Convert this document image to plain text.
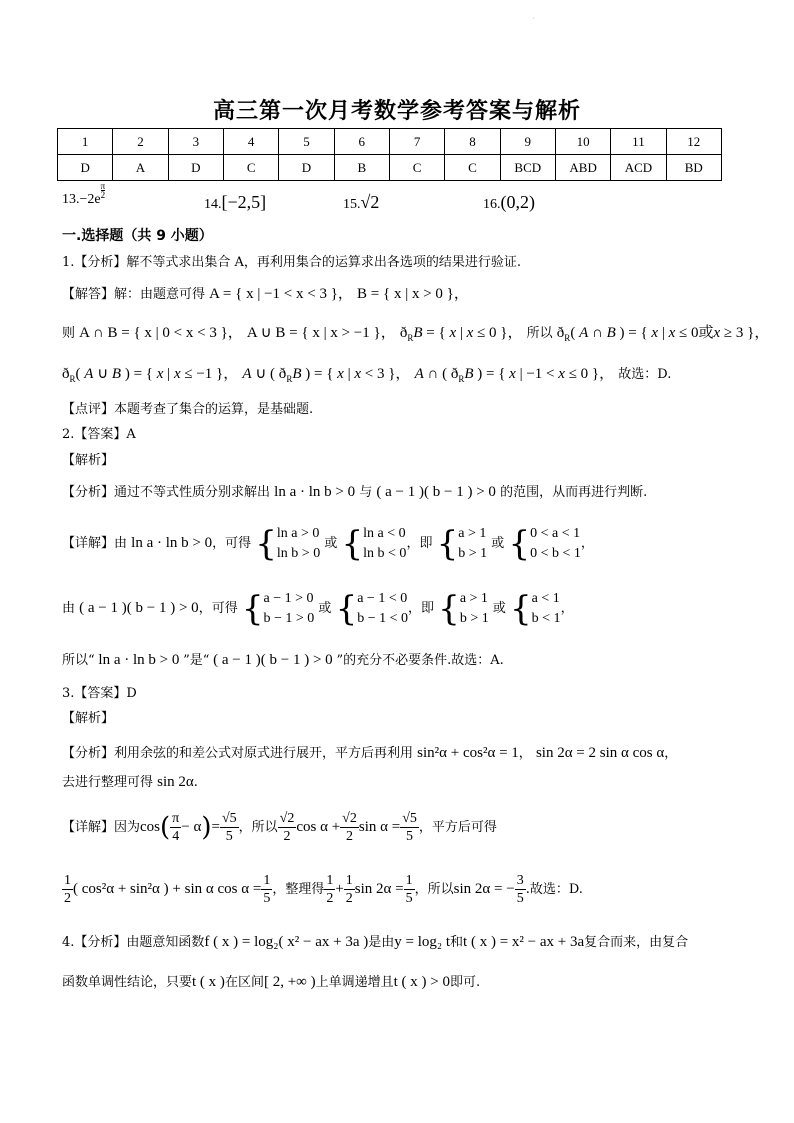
·
高三第一次月考数学参考答案与解析
1	2	3	4	5	6	7	8	9	10	11	12
D	A	D	C	D	B	C	C	BCD	ABD	ACD	BD
13.−2e
$^{\frac{\pi}{2}}$
14.[−2,5]	15.√2	16.(0,2)
一.选择题（共 9 小题）
1.【分析】解不等式求出集合 A，再利用集合的运算求出各选项的结果进行验证.
【解答】解：由题意可得 A = { x | −1 < x < 3 }， B = { x | x > 0 }，
则 A ∩ B = { x | 0 < x < 3 }， A ∪ B = { x | x > −1 }， $ð_RB$ = { x | x ≤ 0 }， 所以 $ð_R$( A ∩ B ) = { x | x ≤ 0或x ≥ 3 }，
$ð_R$( A ∪ B ) = { x | x ≤ −1 }， A ∪ ( $ð_RB$ ) = { x | x < 3 }， A ∩ ( $ð_RB$ ) = { x | −1 < x ≤ 0 }， 故选：D.
【点评】本题考查了集合的运算，是基础题.
2.【答案】A
【解析】
【分析】通过不等式性质分别求解出 ln a · ln b > 0 与 ( a − 1 )( b − 1 ) > 0 的范围，从而再进行判断.
【详解】由 ln a · ln b > 0，可得 {ln a > 0
ln b > 0 或 {ln a < 0
ln b < 0，即 {a > 1
b > 1 或 {0 < a < 1
0 < b < 1，
由 ( a − 1 )( b − 1 ) > 0，可得 {a − 1 > 0
b − 1 > 0 或 {a − 1 < 0
b − 1 < 0，即 {a > 1
b > 1 或 {a < 1
b < 1，
所以“ ln a · ln b > 0 ”是“ ( a − 1 )( b − 1 ) > 0 ”的充分不必要条件.故选：A.
3.【答案】D
【解析】
【分析】利用余弦的和差公式对原式进行展开，平方后再利用 sin²α + cos²α = 1， sin 2α = 2 sin α cos α，
去进行整理可得 sin 2α.
【详解】因为$\cos( \frac{\pi}{4} - \alpha)= \frac{√5}{5}$ ，所以 $\frac{√2}{2}$ $\cos \alpha + \frac{√2}{2}$ $\sin \alpha = \frac{√5}{5}$ ，平方后可得
$\frac{1}{2}$ ( cos²α + sin²α ) + sin α $\cos \alpha = \frac{1}{5}$ ，整理得 $\frac{1}{2} + \frac{1}{2}$ $\sin 2\alpha = \frac{1}{5}$ ，所以sin 2α = − $\frac{3}{5}$ .故选：D.
4.【分析】由题意知函数f ( x ) = log₂( x² − ax + 3a )是由y = log₂ t和t ( x ) = x² − ax + 3a复合而来，由复合
函数单调性结论，只要t ( x )在区间[ 2, +∞ )上单调递增且t ( x ) > 0即可.
